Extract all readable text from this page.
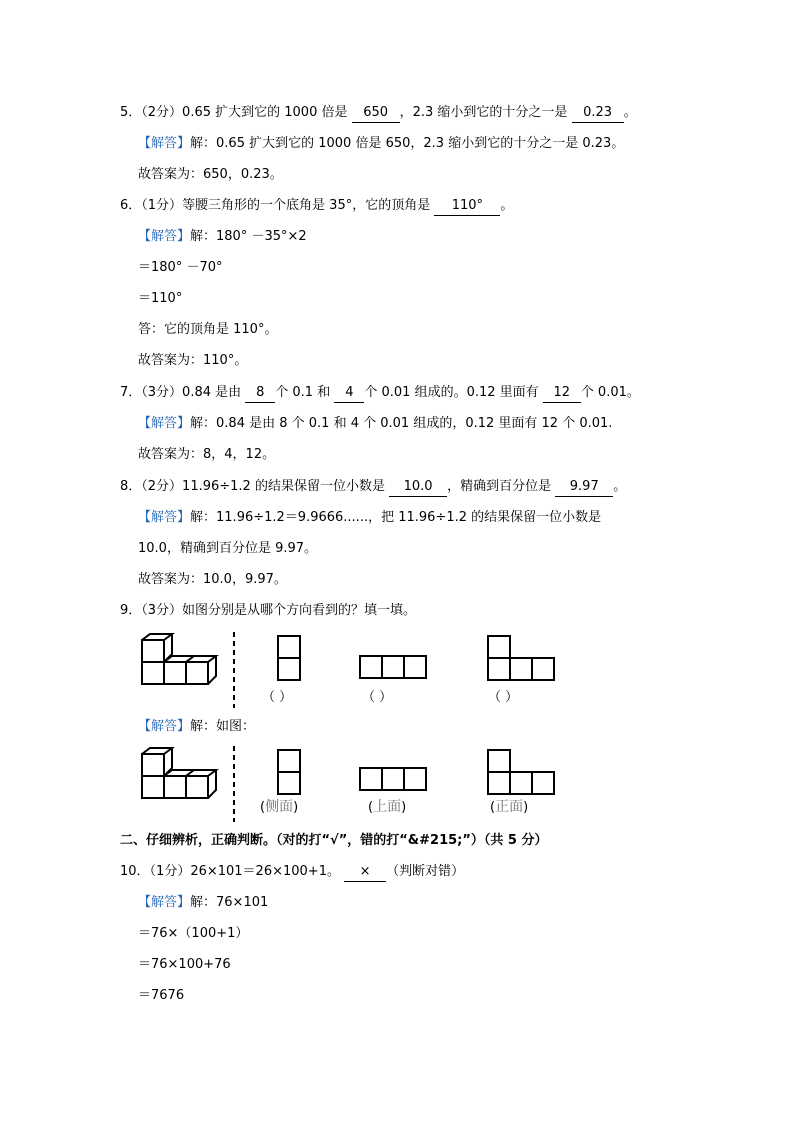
5．（2分）0.65 扩大到它的 1000 倍是 650 ，2.3 缩小到它的十分之一是 0.23 。
【解答】解：0.65 扩大到它的 1000 倍是 650，2.3 缩小到它的十分之一是 0.23。
故答案为：650，0.23。
6．（1分）等腰三角形的一个底角是 35°，它的顶角是 110° 。
【解答】解：180° －35°×2
＝180° －70°
＝110°
答：它的顶角是 110°。
故答案为：110°。
7．（3分）0.84 是由 8 个 0.1 和 4 个 0.01 组成的。0.12 里面有 12 个 0.01。
【解答】解：0.84 是由 8 个 0.1 和 4 个 0.01 组成的，0.12 里面有 12 个 0.01.
故答案为：8，4，12。
8．（2分）11.96÷1.2 的结果保留一位小数是 10.0 ，精确到百分位是 9.97 。
【解答】解：11.96÷1.2＝9.9666......，把 11.96÷1.2 的结果保留一位小数是
10.0，精确到百分位是 9.97。
故答案为：10.0，9.97。
9．（3分）如图分别是从哪个方向看到的？填一填。
（ ）	（ ）	（ ）
【解答】解：如图：
(侧面)	(上面)	(正面)
二、仔细辨析，正确判断。（对的打“√”，错的打“&#215;”）（共 5 分）
10．（1分）26×101＝26×100+1。 × （判断对错）
【解答】解：76×101
＝76×（100+1）
＝76×100+76
＝7676
